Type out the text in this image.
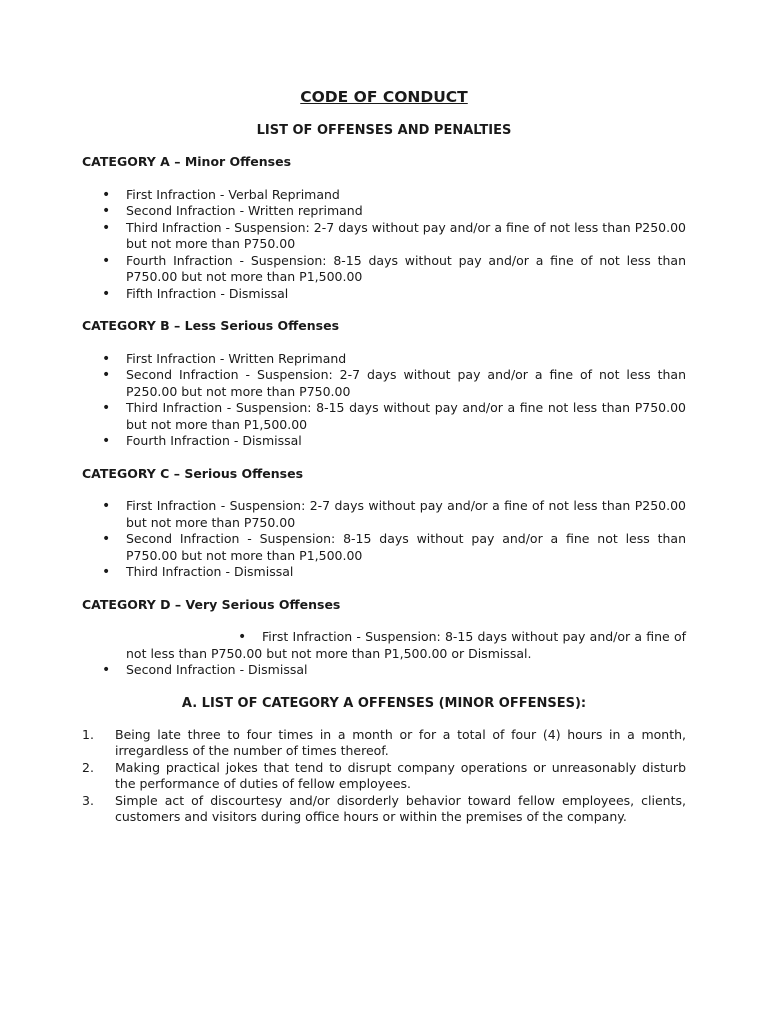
CODE OF CONDUCT
LIST OF OFFENSES AND PENALTIES
CATEGORY A – Minor Offenses
• First Infraction - Verbal Reprimand
• Second Infraction - Written reprimand
• Third Infraction - Suspension: 2-7 days without pay and/or a fine of not less than P250.00 but not more than P750.00
• Fourth Infraction - Suspension: 8-15 days without pay and/or a fine of not less than P750.00 but not more than P1,500.00
• Fifth Infraction - Dismissal
CATEGORY B – Less Serious Offenses
• First Infraction - Written Reprimand
• Second Infraction - Suspension: 2-7 days without pay and/or a fine of not less than P250.00 but not more than P750.00
• Third Infraction - Suspension: 8-15 days without pay and/or a fine not less than P750.00 but not more than P1,500.00
• Fourth Infraction - Dismissal
CATEGORY C – Serious Offenses
• First Infraction - Suspension: 2-7 days without pay and/or a fine of not less than P250.00 but not more than P750.00
• Second Infraction - Suspension: 8-15 days without pay and/or a fine not less than P750.00 but not more than P1,500.00
• Third Infraction - Dismissal
CATEGORY D – Very Serious Offenses
• First Infraction - Suspension: 8-15 days without pay and/or a fine of not less than P750.00 but not more than P1,500.00 or Dismissal.
• Second Infraction - Dismissal
A. LIST OF CATEGORY A OFFENSES (MINOR OFFENSES):
1. Being late three to four times in a month or for a total of four (4) hours in a month, irregardless of the number of times thereof.
2. Making practical jokes that tend to disrupt company operations or unreasonably disturb the performance of duties of fellow employees.
3. Simple act of discourtesy and/or disorderly behavior toward fellow employees, clients, customers and visitors during office hours or within the premises of the company.
